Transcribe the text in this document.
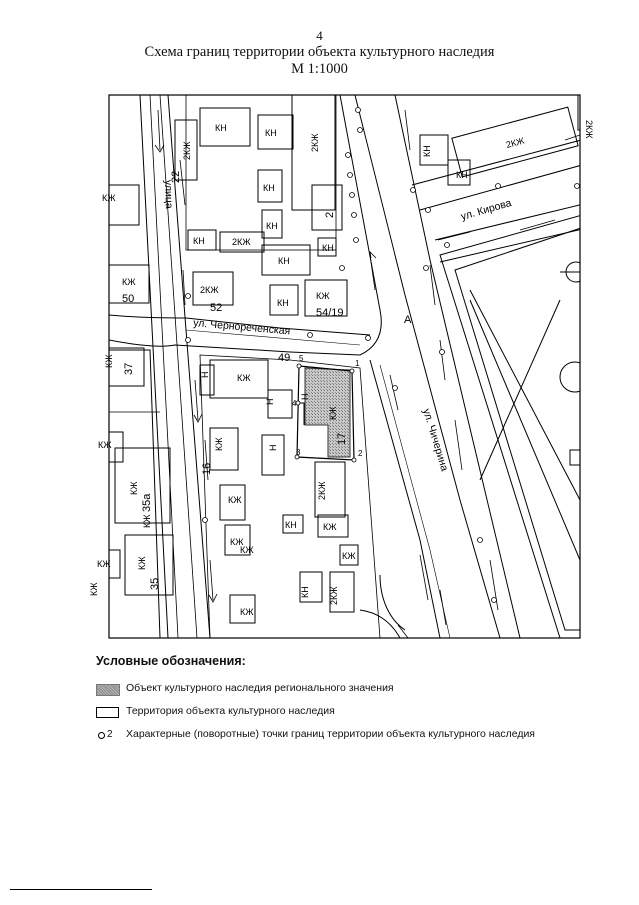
4
Схема границ территории объекта культурного наследия
М 1:1000
КН	КН
2КЖ
КН
2КЖ
КН
КН
КН
2КЖ
КН
КЖ
КЖ
КЖ
2КЖ
КН
КЖ
КЖ
КЖ
КЖ
КЖ
КЖ
КЖ
КЖ
2КЖ
КН	КЖ
КЖ
КЖ
КН 2КЖ
КЖ
КН
КЖ
Н
Н
Н
КЖ
КЖ
2КЖ
КН
2КЖ
КЖ
Н
22
2
50
52	54/19
37
49
16
35а
35
17
1
2
3
4
5
улица
ул. Чернореченская
ул. Кирова
ул. Чичерина
А
Условные обозначения:
Объект культурного наследия регионального значения
Территория объекта культурного наследия
2 Характерные (поворотные) точки границ территории объекта культурного наследия
